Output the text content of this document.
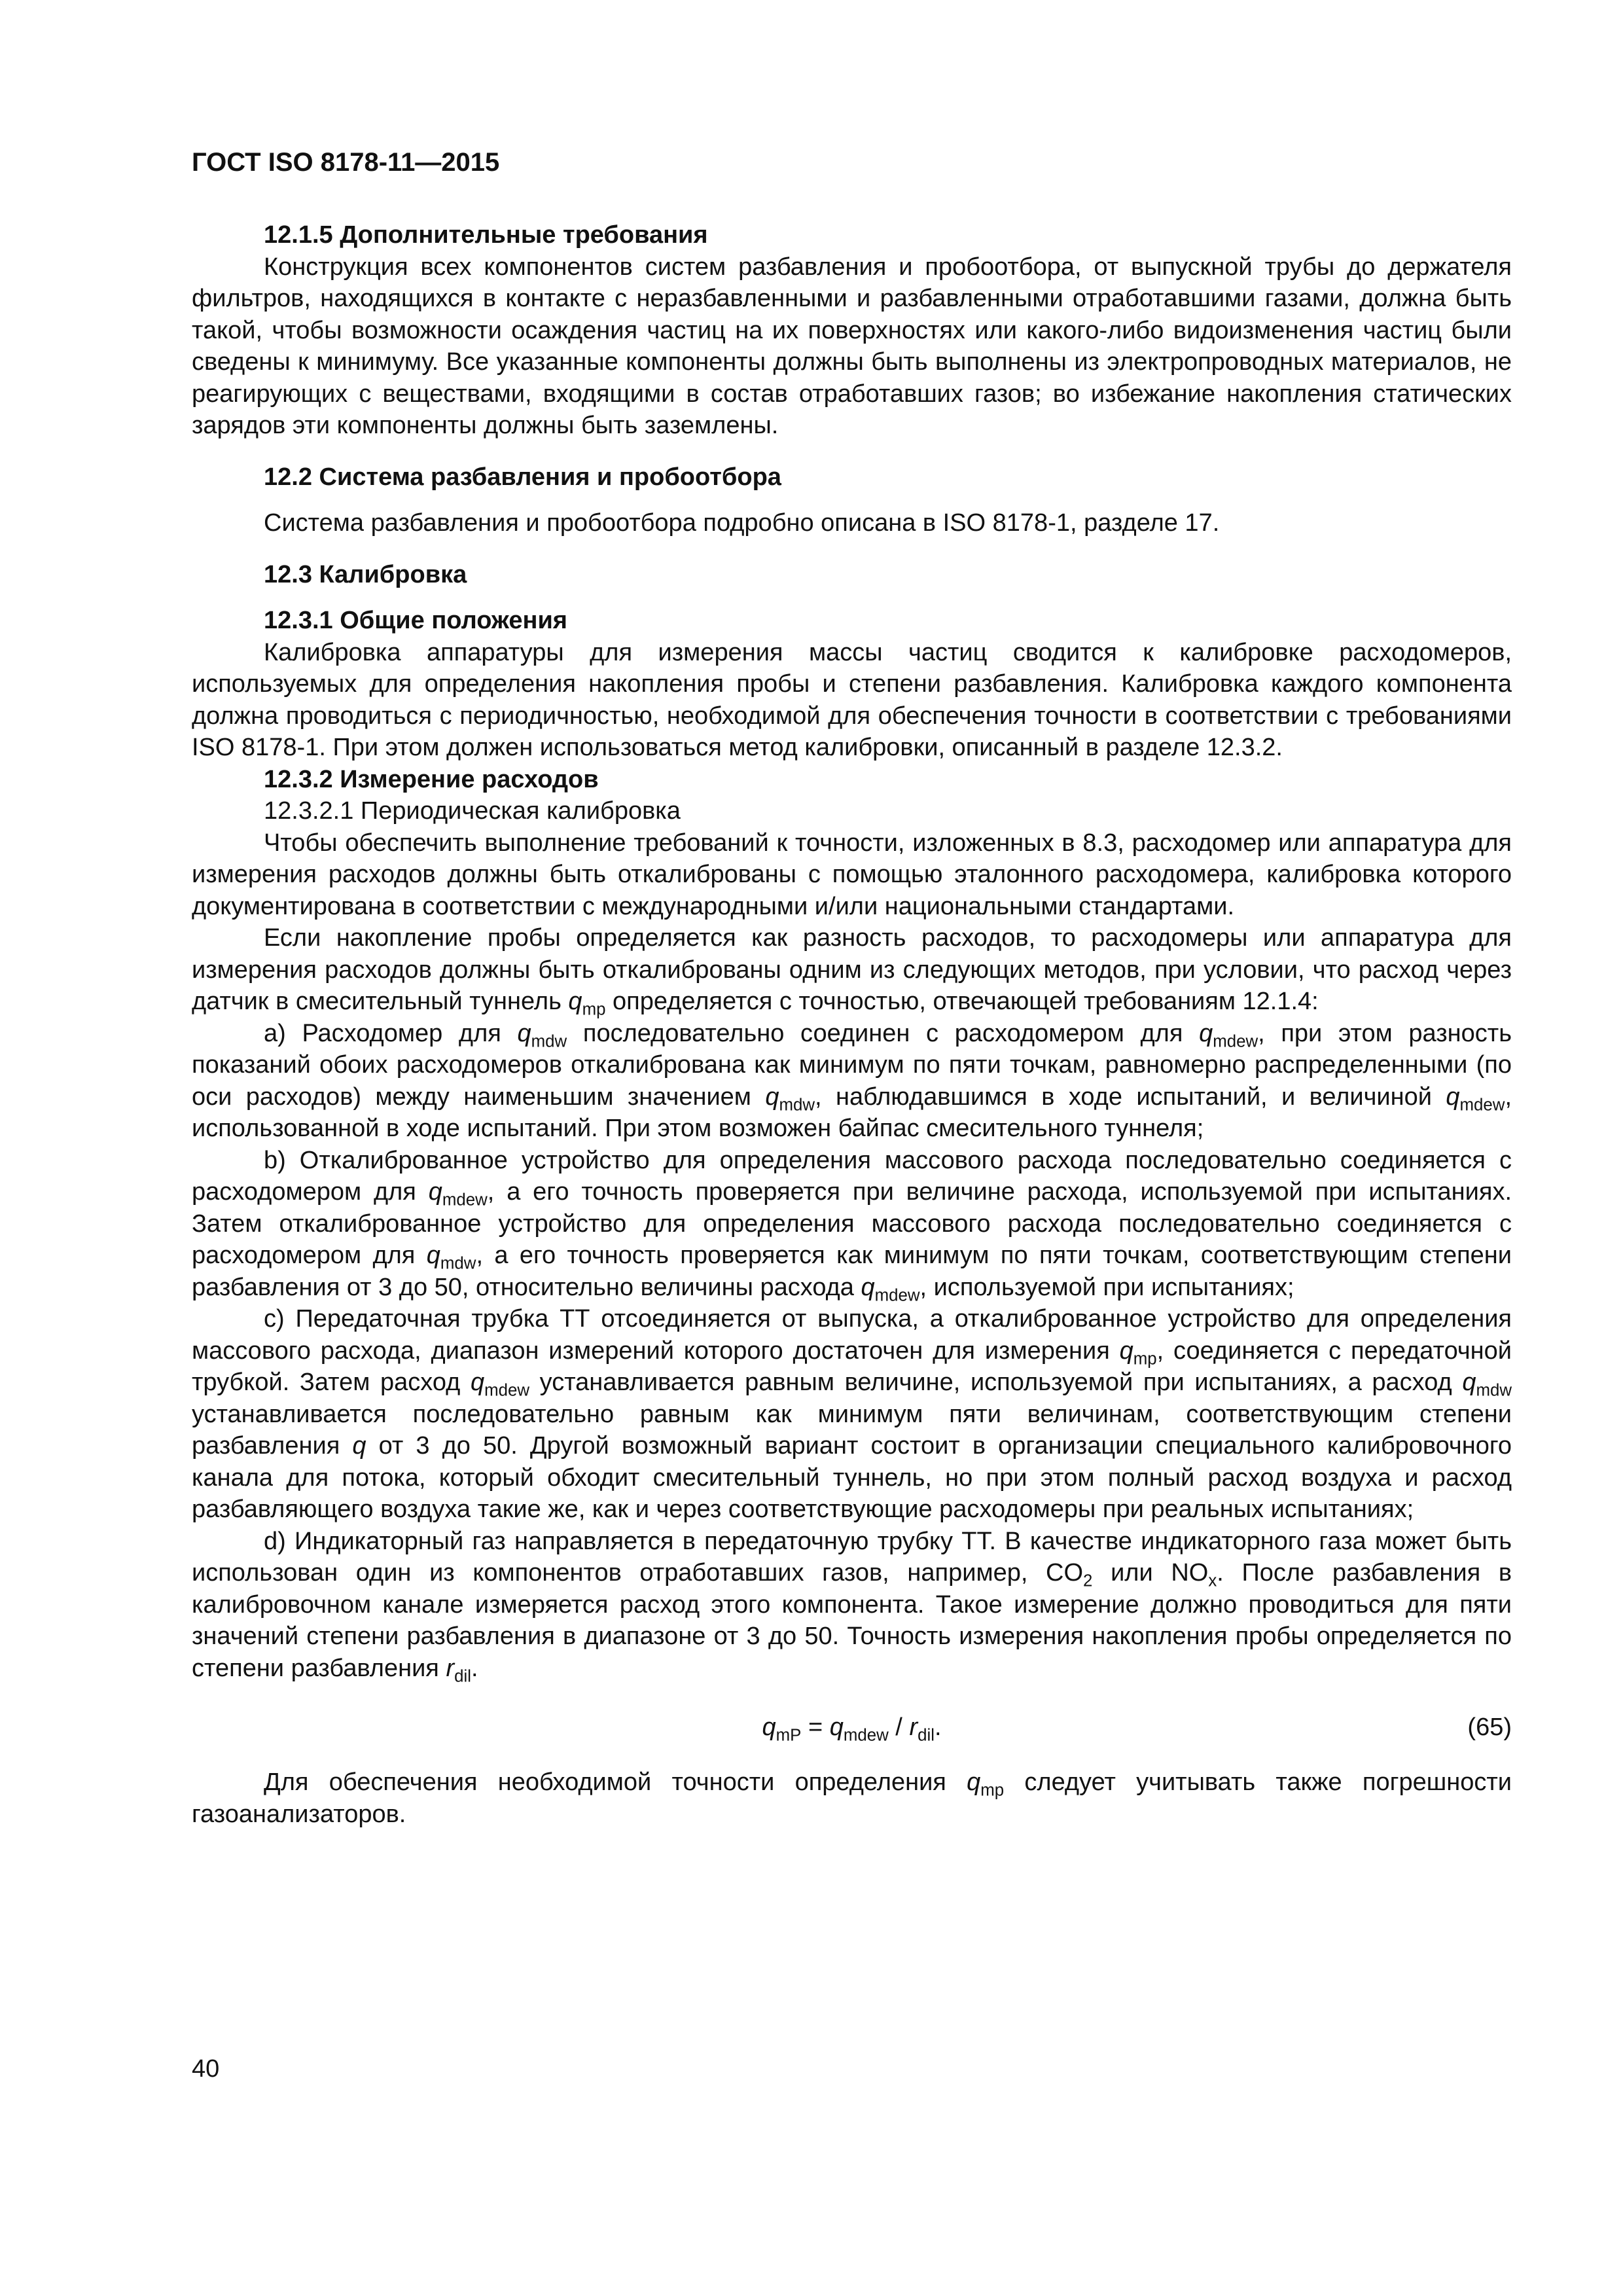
ГОСТ ISO 8178-11—2015
12.1.5 Дополнительные требования

Конструкция всех компонентов систем разбавления и пробоотбора, от выпускной трубы до держателя фильтров, находящихся в контакте с неразбавленными и разбавленными отработавшими газами, должна быть такой, чтобы возможности осаждения частиц на их поверхностях или какого-либо видоизменения частиц были сведены к минимуму. Все указанные компоненты должны быть выполнены из электропроводных материалов, не реагирующих с веществами, входящими в состав отработавших газов; во избежание накопления статических зарядов эти компоненты должны быть заземлены.

12.2 Система разбавления и пробоотбора

Система разбавления и пробоотбора подробно описана в ISO 8178-1, разделе 17.

12.3 Калибровка
12.3.1 Общие положения

Калибровка аппаратуры для измерения массы частиц сводится к калибровке расходомеров, используемых для определения накопления пробы и степени разбавления. Калибровка каждого компонента должна проводиться с периодичностью, необходимой для обеспечения точности в соответствии с требованиями ISO 8178-1. При этом должен использоваться метод калибровки, описанный в разделе 12.3.2.

12.3.2 Измерение расходов
12.3.2.1 Периодическая калибровка

Чтобы обеспечить выполнение требований к точности, изложенных в 8.3, расходомер или аппаратура для измерения расходов должны быть откалиброваны с помощью эталонного расходомера, калибровка которого документирована в соответствии с международными и/или национальными стандартами.

Если накопление пробы определяется как разность расходов, то расходомеры или аппаратура для измерения расходов должны быть откалиброваны одним из следующих методов, при условии, что расход через датчик в смесительный туннель $q_{mp}$ определяется с точностью, отвечающей требованиям 12.1.4:

a) Расходомер для $q_{mdw}$ последовательно соединен с расходомером для $q_{mdew}$, при этом разность показаний обоих расходомеров откалибрована как минимум по пяти точкам, равномерно распределенными (по оси расходов) между наименьшим значением $q_{mdw}$, наблюдавшимся в ходе испытаний, и величиной $q_{mdew}$, использованной в ходе испытаний. При этом возможен байпас смесительного туннеля;

b) Откалиброванное устройство для определения массового расхода последовательно соединяется с расходомером для $q_{mdew}$, а его точность проверяется при величине расхода, используемой при испытаниях. Затем откалиброванное устройство для определения массового расхода последовательно соединяется с расходомером для $q_{mdw}$, а его точность проверяется как минимум по пяти точкам, соответствующим степени разбавления от 3 до 50, относительно величины расхода $q_{mdew}$, используемой при испытаниях;

c) Передаточная трубка ТТ отсоединяется от выпуска, а откалиброванное устройство для определения массового расхода, диапазон измерений которого достаточен для измерения $q_{mp}$, соединяется с передаточной трубкой. Затем расход $q_{mdew}$ устанавливается равным величине, используемой при испытаниях, а расход $q_{mdw}$ устанавливается последовательно равным как минимум пяти величинам, соответствующим степени разбавления q от 3 до 50. Другой возможный вариант состоит в организации специального калибровочного канала для потока, который обходит смесительный туннель, но при этом полный расход воздуха и расход разбавляющего воздуха такие же, как и через соответствующие расходомеры при реальных испытаниях;

d) Индикаторный газ направляется в передаточную трубку ТТ. В качестве индикаторного газа может быть использован один из компонентов отработавших газов, например, $CO_2$ или $NO_x$. После разбавления в калибровочном канале измеряется расход этого компонента. Такое измерение должно проводиться для пяти значений степени разбавления в диапазоне от 3 до 50. Точность измерения накопления пробы определяется по степени разбавления $r_{dil}$.

$q_{mP} = q_{mdew} / r_{dil}$.	(65)

Для обеспечения необходимой точности определения $q_{mp}$ следует учитывать также погрешности газоанализаторов.

40
